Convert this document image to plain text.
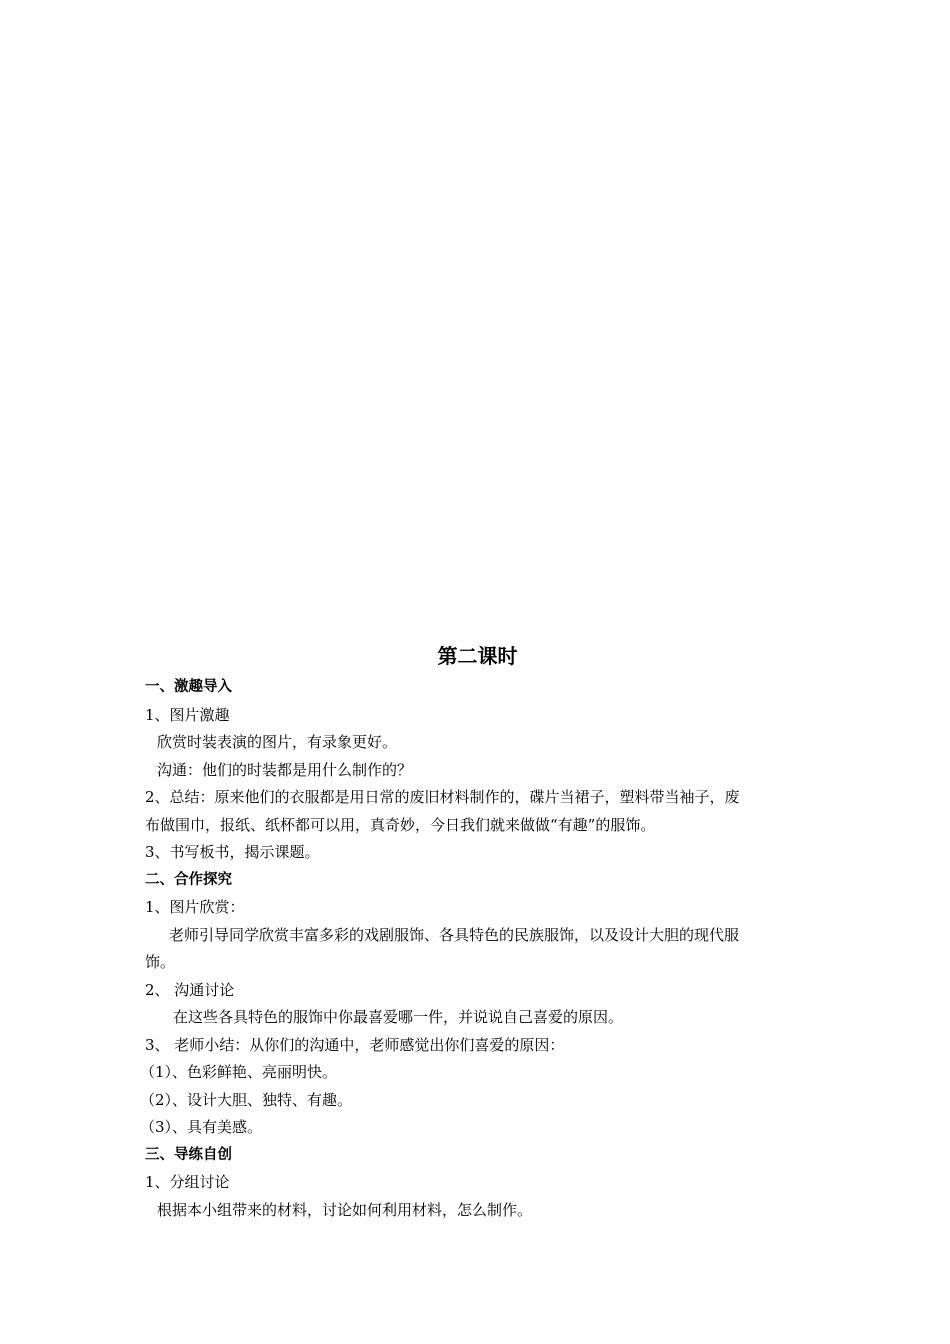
第二课时

一、激趣导入

1、图片激趣

欣赏时装表演的图片，有录象更好。

沟通：他们的时装都是用什么制作的？

2、总结：原来他们的衣服都是用日常的废旧材料制作的，碟片当裙子，塑料带当袖子，废

布做围巾，报纸、纸杯都可以用，真奇妙，今日我们就来做做“有趣”的服饰。

3、书写板书，揭示课题。

二、合作探究

1、图片欣赏：

老师引导同学欣赏丰富多彩的戏剧服饰、各具特色的民族服饰，以及设计大胆的现代服

饰。

2、 沟通讨论

在这些各具特色的服饰中你最喜爱哪一件，并说说自己喜爱的原因。

3、 老师小结：从你们的沟通中，老师感觉出你们喜爱的原因：

（1）、色彩鲜艳、亮丽明快。

（2）、设计大胆、独特、有趣。

（3）、具有美感。

三、导练自创

1、分组讨论

根据本小组带来的材料，讨论如何利用材料，怎么制作。
